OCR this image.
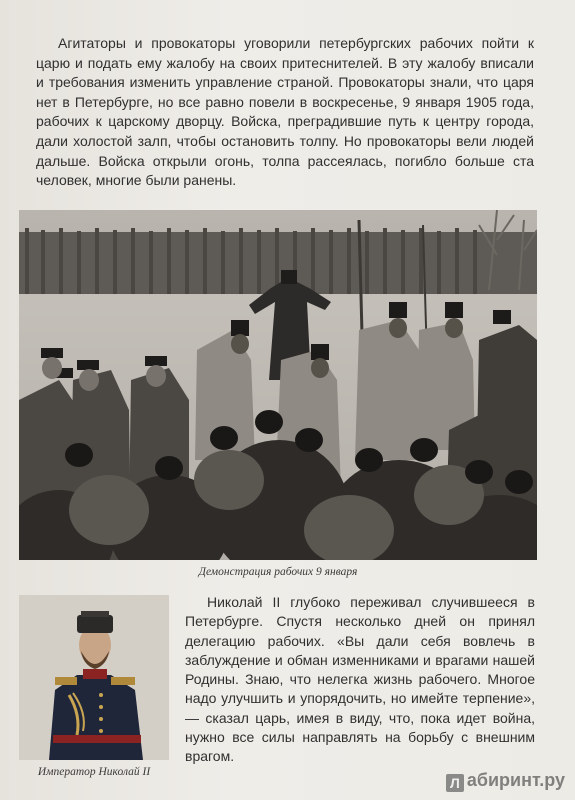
Агитаторы и провокаторы уговорили петербургских рабочих пойти к царю и подать ему жалобу на своих притеснителей. В эту жалобу вписали и требования изменить управление страной. Провокаторы знали, что царя нет в Петербурге, но все равно повели в воскресенье, 9 января 1905 года, рабочих к царскому дворцу. Войска, преградившие путь к центру города, дали холостой залп, чтобы остановить толпу. Но провокаторы вели людей дальше. Войска открыли огонь, толпа рассеялась, погибло больше ста человек, многие были ранены.

Демонстрация рабочих 9 января
Император Николай II

Николай II глубоко переживал случившееся в Петербурге. Спустя несколько дней он принял делегацию рабочих. «Вы дали себя вовлечь в заблуждение и обман изменниками и врагами нашей Родины. Знаю, что нелегка жизнь рабочего. Многое надо улучшить и упорядочить, но имейте терпение», — сказал царь, имея в виду, что, пока идет война, нужно все силы направлять на борьбу с внешним врагом.

Л абиринт.ру
